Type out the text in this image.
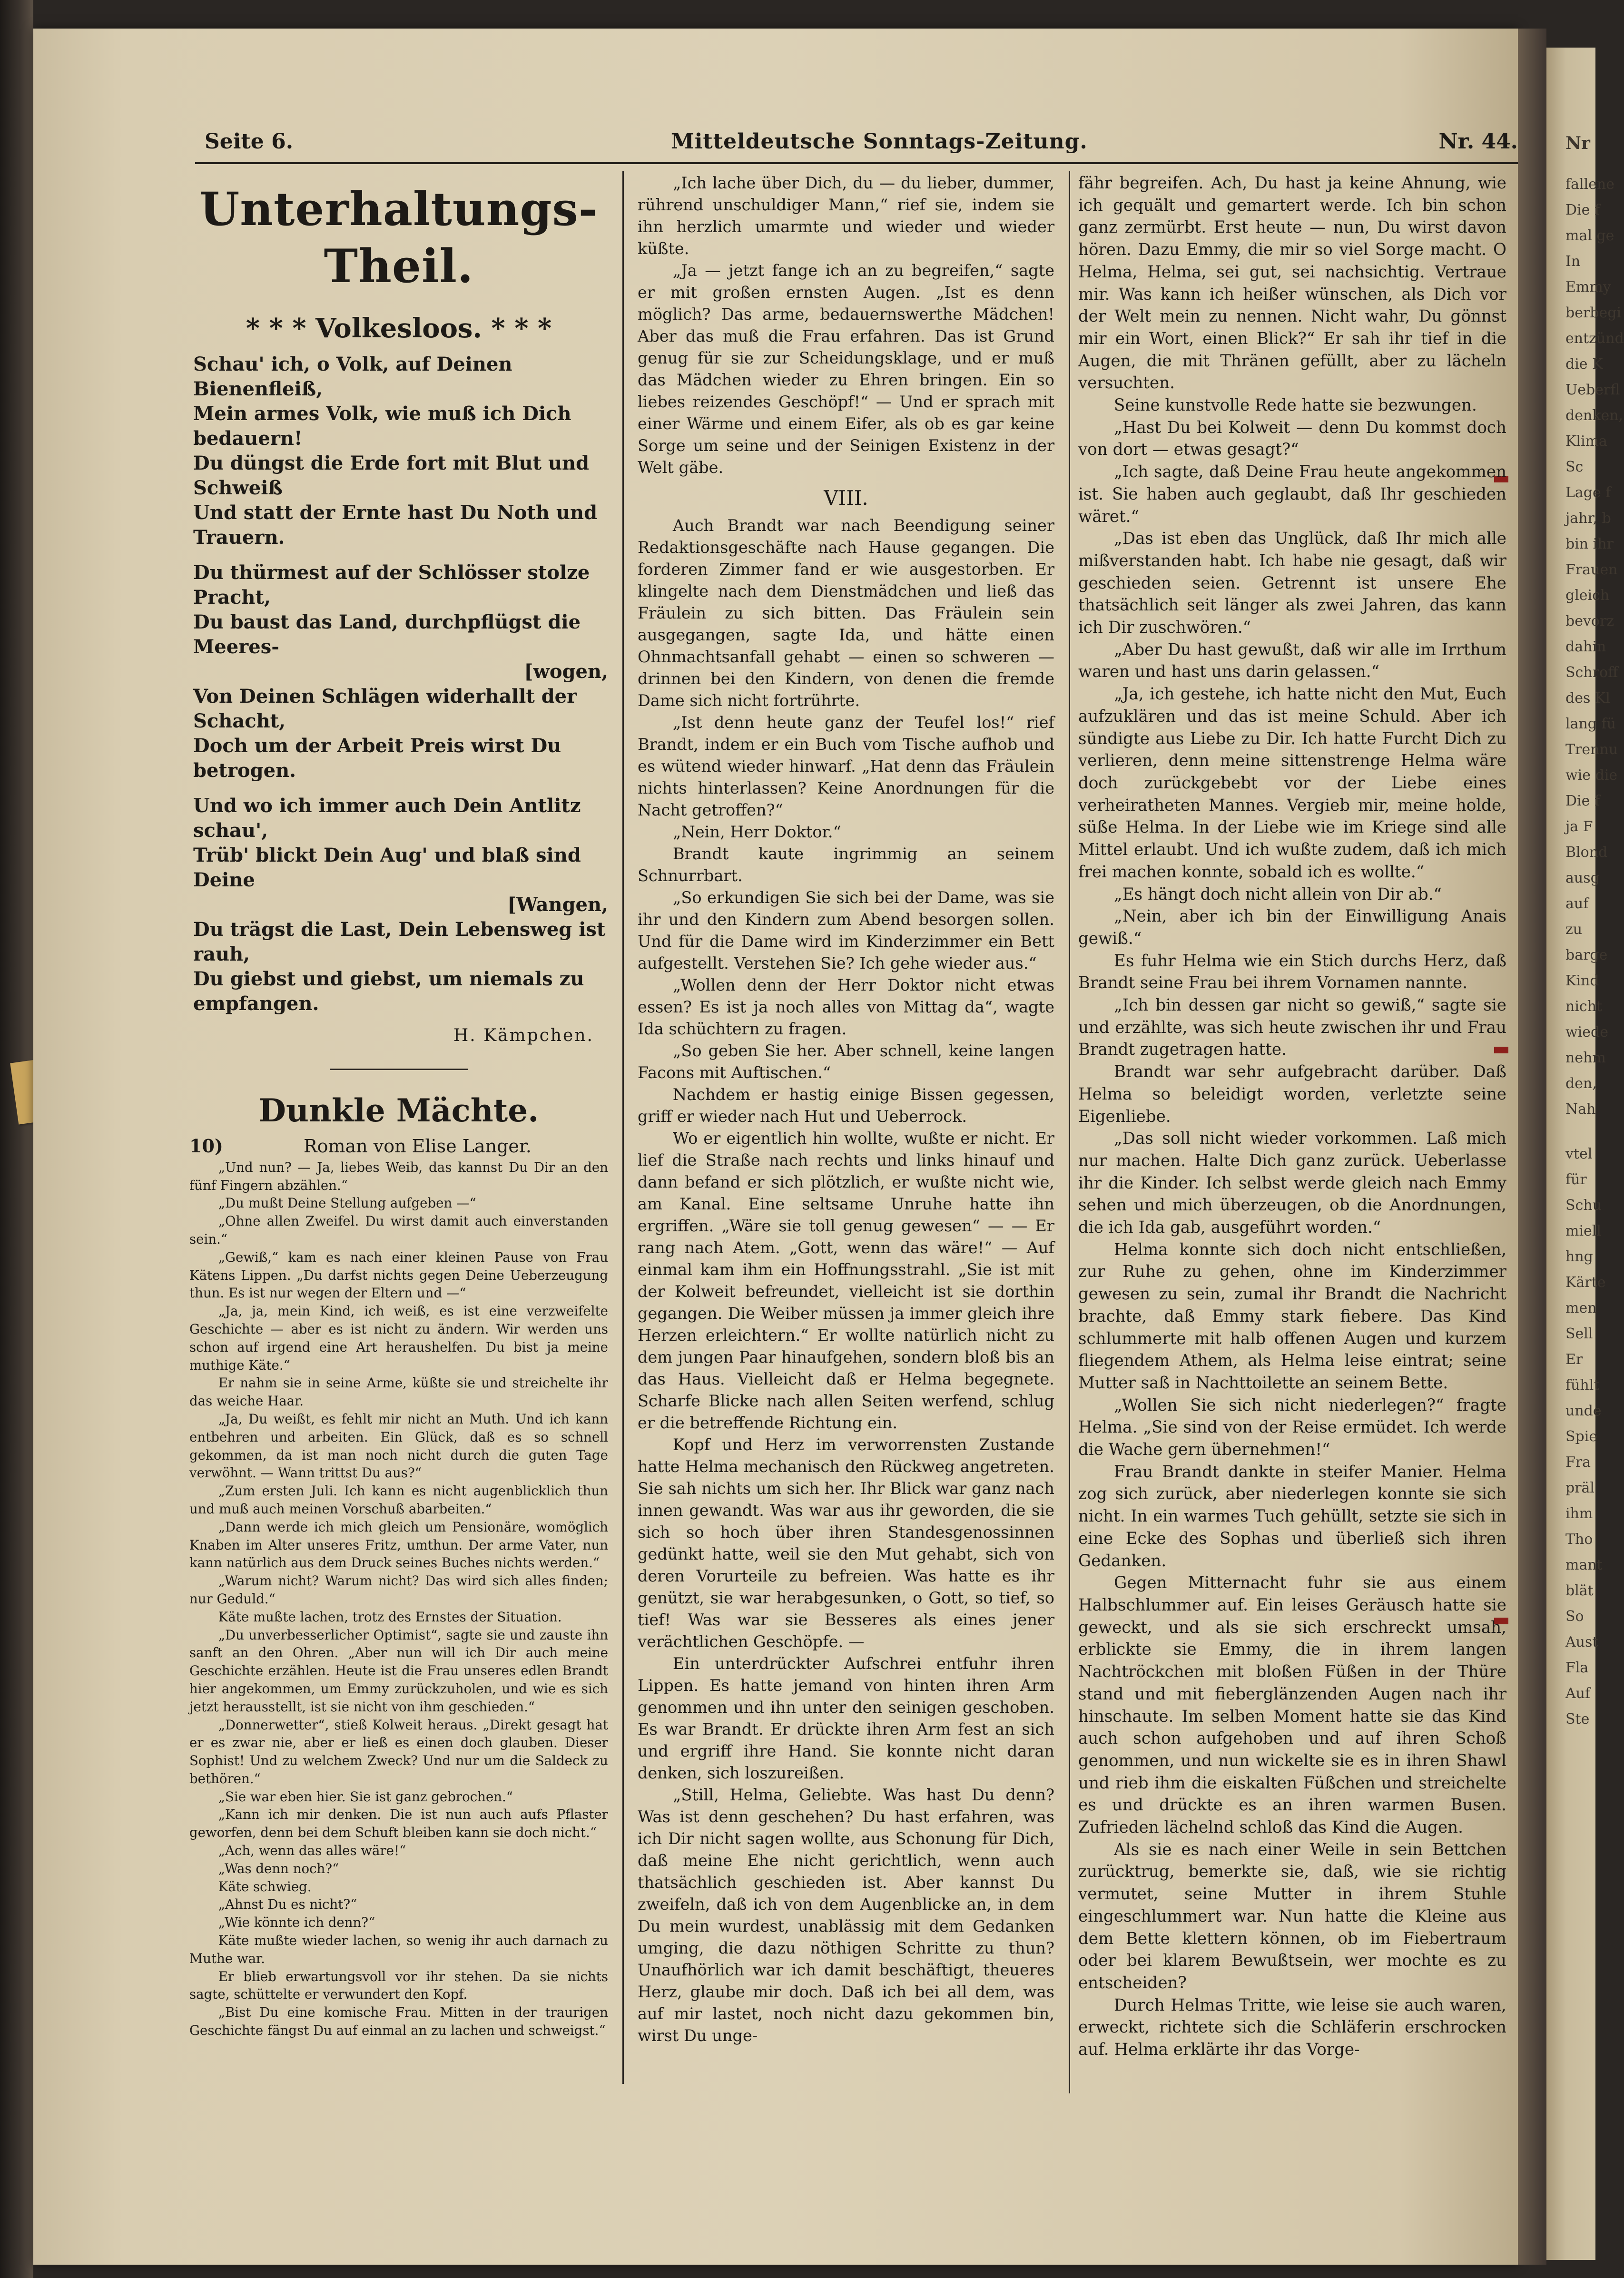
Nr
fallene
Die f
mal ge
In
Emmy
berbegi
entzünd
die K
Ueberfl
denken,
Klima
Sc
Lage f
jahr, b
bin ihr
Frauen
gleich
bevorz
dahin
Schroff
des Kl
lang fü
Trennu
wie die
Die f
ja F
Blond
ausg
auf
zu
barge
Kind
nicht
wiede
nehm
den,
Nah
vtel
für
Schu
miell
hng
Kärte
men
Sell
Er
fühlt
unde
Spie
Fra
präl
ihm
Tho
mant
blät
So
Aust
Fla
Auf
Ste
Seite 6.	Mitteldeutsche Sonntags-Zeitung.	Nr. 44.
Unterhaltungs-Theil.
* * * Volkesloos. * * *
Schau' ich, o Volk, auf Deinen Bienenfleiß,
Mein armes Volk, wie muß ich Dich bedauern!
Du düngst die Erde fort mit Blut und Schweiß
Und statt der Ernte hast Du Noth und Trauern.
Du thürmest auf der Schlösser stolze Pracht,
Du baust das Land, durchpflügst die Meeres-
[wogen,
Von Deinen Schlägen widerhallt der Schacht,
Doch um der Arbeit Preis wirst Du betrogen.
Und wo ich immer auch Dein Antlitz schau',
Trüb' blickt Dein Aug' und blaß sind Deine
[Wangen,
Du trägst die Last, Dein Lebensweg ist rauh,
Du giebst und giebst, um niemals zu empfangen.
H. Kämpchen.
Dunkle Mächte.
10)	Roman von Elise Langer.

„Und nun? — Ja, liebes Weib, das kannst Du Dir an den fünf Fingern abzählen.“

„Du mußt Deine Stellung aufgeben —“

„Ohne allen Zweifel. Du wirst damit auch einverstanden sein.“

„Gewiß,“ kam es nach einer kleinen Pause von Frau Kätens Lippen. „Du darfst nichts gegen Deine Ueberzeugung thun. Es ist nur wegen der Eltern und —“

„Ja, ja, mein Kind, ich weiß, es ist eine verzweifelte Geschichte — aber es ist nicht zu ändern. Wir werden uns schon auf irgend eine Art heraushelfen. Du bist ja meine muthige Käte.“

Er nahm sie in seine Arme, küßte sie und streichelte ihr das weiche Haar.

„Ja, Du weißt, es fehlt mir nicht an Muth. Und ich kann entbehren und arbeiten. Ein Glück, daß es so schnell gekommen, da ist man noch nicht durch die guten Tage verwöhnt. — Wann trittst Du aus?“

„Zum ersten Juli. Ich kann es nicht augenblicklich thun und muß auch meinen Vorschuß abarbeiten.“

„Dann werde ich mich gleich um Pensionäre, womöglich Knaben im Alter unseres Fritz, umthun. Der arme Vater, nun kann natürlich aus dem Druck seines Buches nichts werden.“

„Warum nicht? Warum nicht? Das wird sich alles finden; nur Geduld.“

Käte mußte lachen, trotz des Ernstes der Situation.

„Du unverbesserlicher Optimist“, sagte sie und zauste ihn sanft an den Ohren. „Aber nun will ich Dir auch meine Geschichte erzählen. Heute ist die Frau unseres edlen Brandt hier angekommen, um Emmy zurückzuholen, und wie es sich jetzt herausstellt, ist sie nicht von ihm geschieden.“

„Donnerwetter“, stieß Kolweit heraus. „Direkt gesagt hat er es zwar nie, aber er ließ es einen doch glauben. Dieser Sophist! Und zu welchem Zweck? Und nur um die Saldeck zu bethören.“

„Sie war eben hier. Sie ist ganz gebrochen.“

„Kann ich mir denken. Die ist nun auch aufs Pflaster geworfen, denn bei dem Schuft bleiben kann sie doch nicht.“

„Ach, wenn das alles wäre!“

„Was denn noch?“

Käte schwieg.

„Ahnst Du es nicht?“

„Wie könnte ich denn?“

Käte mußte wieder lachen, so wenig ihr auch darnach zu Muthe war.

Er blieb erwartungsvoll vor ihr stehen. Da sie nichts sagte, schüttelte er verwundert den Kopf.

„Bist Du eine komische Frau. Mitten in der traurigen Geschichte fängst Du auf einmal an zu lachen und schweigst.“

„Ich lache über Dich, du — du lieber, dummer, rührend unschuldiger Mann,“ rief sie, indem sie ihn herzlich umarmte und wieder und wieder küßte.

„Ja — jetzt fange ich an zu begreifen,“ sagte er mit großen ernsten Augen. „Ist es denn möglich? Das arme, bedauernswerthe Mädchen! Aber das muß die Frau erfahren. Das ist Grund genug für sie zur Scheidungsklage, und er muß das Mädchen wieder zu Ehren bringen. Ein so liebes reizendes Geschöpf!“ — Und er sprach mit einer Wärme und einem Eifer, als ob es gar keine Sorge um seine und der Seinigen Existenz in der Welt gäbe.

VIII.

Auch Brandt war nach Beendigung seiner Redaktionsgeschäfte nach Hause gegangen. Die forderen Zimmer fand er wie ausgestorben. Er klingelte nach dem Dienstmädchen und ließ das Fräulein zu sich bitten. Das Fräulein sein ausgegangen, sagte Ida, und hätte einen Ohnmachtsanfall gehabt — einen so schweren — drinnen bei den Kindern, von denen die fremde Dame sich nicht fortrührte.

„Ist denn heute ganz der Teufel los!“ rief Brandt, indem er ein Buch vom Tische aufhob und es wütend wieder hinwarf. „Hat denn das Fräulein nichts hinterlassen? Keine Anordnungen für die Nacht getroffen?“

„Nein, Herr Doktor.“

Brandt kaute ingrimmig an seinem Schnurrbart.

„So erkundigen Sie sich bei der Dame, was sie ihr und den Kindern zum Abend besorgen sollen. Und für die Dame wird im Kinderzimmer ein Bett aufgestellt. Verstehen Sie? Ich gehe wieder aus.“

„Wollen denn der Herr Doktor nicht etwas essen? Es ist ja noch alles von Mittag da“, wagte Ida schüchtern zu fragen.

„So geben Sie her. Aber schnell, keine langen Facons mit Auftischen.“

Nachdem er hastig einige Bissen gegessen, griff er wieder nach Hut und Ueberrock.

Wo er eigentlich hin wollte, wußte er nicht. Er lief die Straße nach rechts und links hinauf und dann befand er sich plötzlich, er wußte nicht wie, am Kanal. Eine seltsame Unruhe hatte ihn ergriffen. „Wäre sie toll genug gewesen“ — — Er rang nach Atem. „Gott, wenn das wäre!“ — Auf einmal kam ihm ein Hoffnungsstrahl. „Sie ist mit der Kolweit befreundet, vielleicht ist sie dorthin gegangen. Die Weiber müssen ja immer gleich ihre Herzen erleichtern.“ Er wollte natürlich nicht zu dem jungen Paar hinaufgehen, sondern bloß bis an das Haus. Vielleicht daß er Helma begegnete. Scharfe Blicke nach allen Seiten werfend, schlug er die betreffende Richtung ein.

Kopf und Herz im verworrensten Zustande hatte Helma mechanisch den Rückweg angetreten. Sie sah nichts um sich her. Ihr Blick war ganz nach innen gewandt. Was war aus ihr geworden, die sie sich so hoch über ihren Standesgenossinnen gedünkt hatte, weil sie den Mut gehabt, sich von deren Vorurteile zu befreien. Was hatte es ihr genützt, sie war herabgesunken, o Gott, so tief, so tief! Was war sie Besseres als eines jener verächtlichen Geschöpfe. —

Ein unterdrückter Aufschrei entfuhr ihren Lippen. Es hatte jemand von hinten ihren Arm genommen und ihn unter den seinigen geschoben. Es war Brandt. Er drückte ihren Arm fest an sich und ergriff ihre Hand. Sie konnte nicht daran denken, sich loszureißen.

„Still, Helma, Geliebte. Was hast Du denn? Was ist denn geschehen? Du hast erfahren, was ich Dir nicht sagen wollte, aus Schonung für Dich, daß meine Ehe nicht gerichtlich, wenn auch thatsächlich geschieden ist. Aber kannst Du zweifeln, daß ich von dem Augenblicke an, in dem Du mein wurdest, unablässig mit dem Gedanken umging, die dazu nöthigen Schritte zu thun? Unaufhörlich war ich damit beschäftigt, theueres Herz, glaube mir doch. Daß ich bei all dem, was auf mir lastet, noch nicht dazu gekommen bin, wirst Du unge-

fähr begreifen. Ach, Du hast ja keine Ahnung, wie ich gequält und gemartert werde. Ich bin schon ganz zermürbt. Erst heute — nun, Du wirst davon hören. Dazu Emmy, die mir so viel Sorge macht. O Helma, Helma, sei gut, sei nachsichtig. Vertraue mir. Was kann ich heißer wünschen, als Dich vor der Welt mein zu nennen. Nicht wahr, Du gönnst mir ein Wort, einen Blick?“ Er sah ihr tief in die Augen, die mit Thränen gefüllt, aber zu lächeln versuchten.

Seine kunstvolle Rede hatte sie bezwungen.

„Hast Du bei Kolweit — denn Du kommst doch von dort — etwas gesagt?“

„Ich sagte, daß Deine Frau heute angekommen ist. Sie haben auch geglaubt, daß Ihr geschieden wäret.“

„Das ist eben das Unglück, daß Ihr mich alle mißverstanden habt. Ich habe nie gesagt, daß wir geschieden seien. Getrennt ist unsere Ehe thatsächlich seit länger als zwei Jahren, das kann ich Dir zuschwören.“

„Aber Du hast gewußt, daß wir alle im Irrthum waren und hast uns darin gelassen.“

„Ja, ich gestehe, ich hatte nicht den Mut, Euch aufzuklären und das ist meine Schuld. Aber ich sündigte aus Liebe zu Dir. Ich hatte Furcht Dich zu verlieren, denn meine sittenstrenge Helma wäre doch zurückgebebt vor der Liebe eines verheiratheten Mannes. Vergieb mir, meine holde, süße Helma. In der Liebe wie im Kriege sind alle Mittel erlaubt. Und ich wußte zudem, daß ich mich frei machen konnte, sobald ich es wollte.“

„Es hängt doch nicht allein von Dir ab.“

„Nein, aber ich bin der Einwilligung Anais gewiß.“

Es fuhr Helma wie ein Stich durchs Herz, daß Brandt seine Frau bei ihrem Vornamen nannte.

„Ich bin dessen gar nicht so gewiß,“ sagte sie und erzählte, was sich heute zwischen ihr und Frau Brandt zugetragen hatte.

Brandt war sehr aufgebracht darüber. Daß Helma so beleidigt worden, verletzte seine Eigenliebe.

„Das soll nicht wieder vorkommen. Laß mich nur machen. Halte Dich ganz zurück. Ueberlasse ihr die Kinder. Ich selbst werde gleich nach Emmy sehen und mich überzeugen, ob die Anordnungen, die ich Ida gab, ausgeführt worden.“

Helma konnte sich doch nicht entschließen, zur Ruhe zu gehen, ohne im Kinderzimmer gewesen zu sein, zumal ihr Brandt die Nachricht brachte, daß Emmy stark fiebere. Das Kind schlummerte mit halb offenen Augen und kurzem fliegendem Athem, als Helma leise eintrat; seine Mutter saß in Nachttoilette an seinem Bette.

„Wollen Sie sich nicht niederlegen?“ fragte Helma. „Sie sind von der Reise ermüdet. Ich werde die Wache gern übernehmen!“

Frau Brandt dankte in steifer Manier. Helma zog sich zurück, aber niederlegen konnte sie sich nicht. In ein warmes Tuch gehüllt, setzte sie sich in eine Ecke des Sophas und überließ sich ihren Gedanken.

Gegen Mitternacht fuhr sie aus einem Halbschlummer auf. Ein leises Geräusch hatte sie geweckt, und als sie sich erschreckt umsah, erblickte sie Emmy, die in ihrem langen Nachtröckchen mit bloßen Füßen in der Thüre stand und mit fieberglänzenden Augen nach ihr hinschaute. Im selben Moment hatte sie das Kind auch schon aufgehoben und auf ihren Schoß genommen, und nun wickelte sie es in ihren Shawl und rieb ihm die eiskalten Füßchen und streichelte es und drückte es an ihren warmen Busen. Zufrieden lächelnd schloß das Kind die Augen.

Als sie es nach einer Weile in sein Bettchen zurücktrug, bemerkte sie, daß, wie sie richtig vermutet, seine Mutter in ihrem Stuhle eingeschlummert war. Nun hatte die Kleine aus dem Bette klettern können, ob im Fiebertraum oder bei klarem Bewußtsein, wer mochte es zu entscheiden?

Durch Helmas Tritte, wie leise sie auch waren, erweckt, richtete sich die Schläferin erschrocken auf. Helma erklärte ihr das Vorge-
